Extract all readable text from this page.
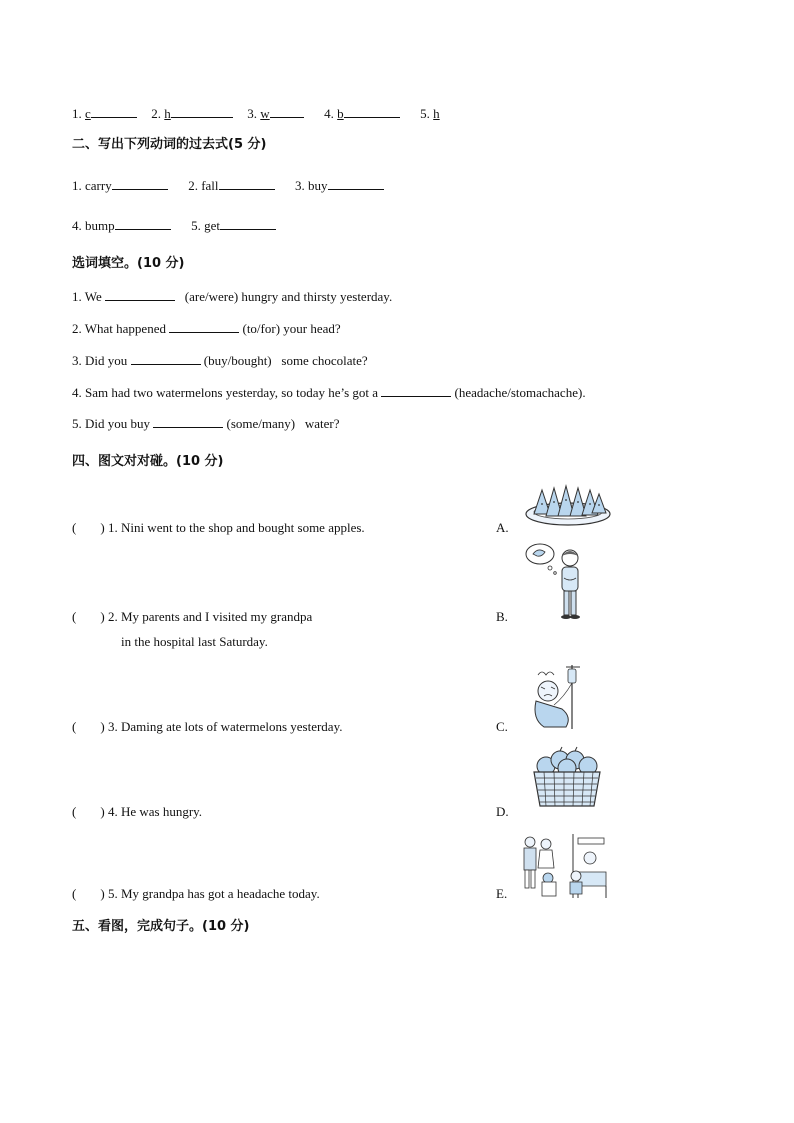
1.
c
	2.
h
	3.
w
	4.
b
	5.
h
二、写出下列动词的过去式(5 分)
1. carry	2. fall	3. buy
4. bump	5. get
选词填空。(10 分)
1. We	(are/were) hungry and thirsty yesterday.
2. What happened	(to/for) your head?
3. Did you	(buy/bought) some chocolate?
4. Sam had two watermelons yesterday, so today he’s got a	(headache/stomachache).
5. Did you buy	(some/many) water?
四、图文对对碰。(10 分)
( ) 1. Nini went to the shop and bought some apples.
( ) 2. My parents and I visited my grandpa
in the hospital last Saturday.
( ) 3. Daming ate lots of watermelons yesterday.
( ) 4. He was hungry.
( ) 5. My grandpa has got a headache today.
A.
B.
C.
D.
E.
五、看图，完成句子。(10 分)
